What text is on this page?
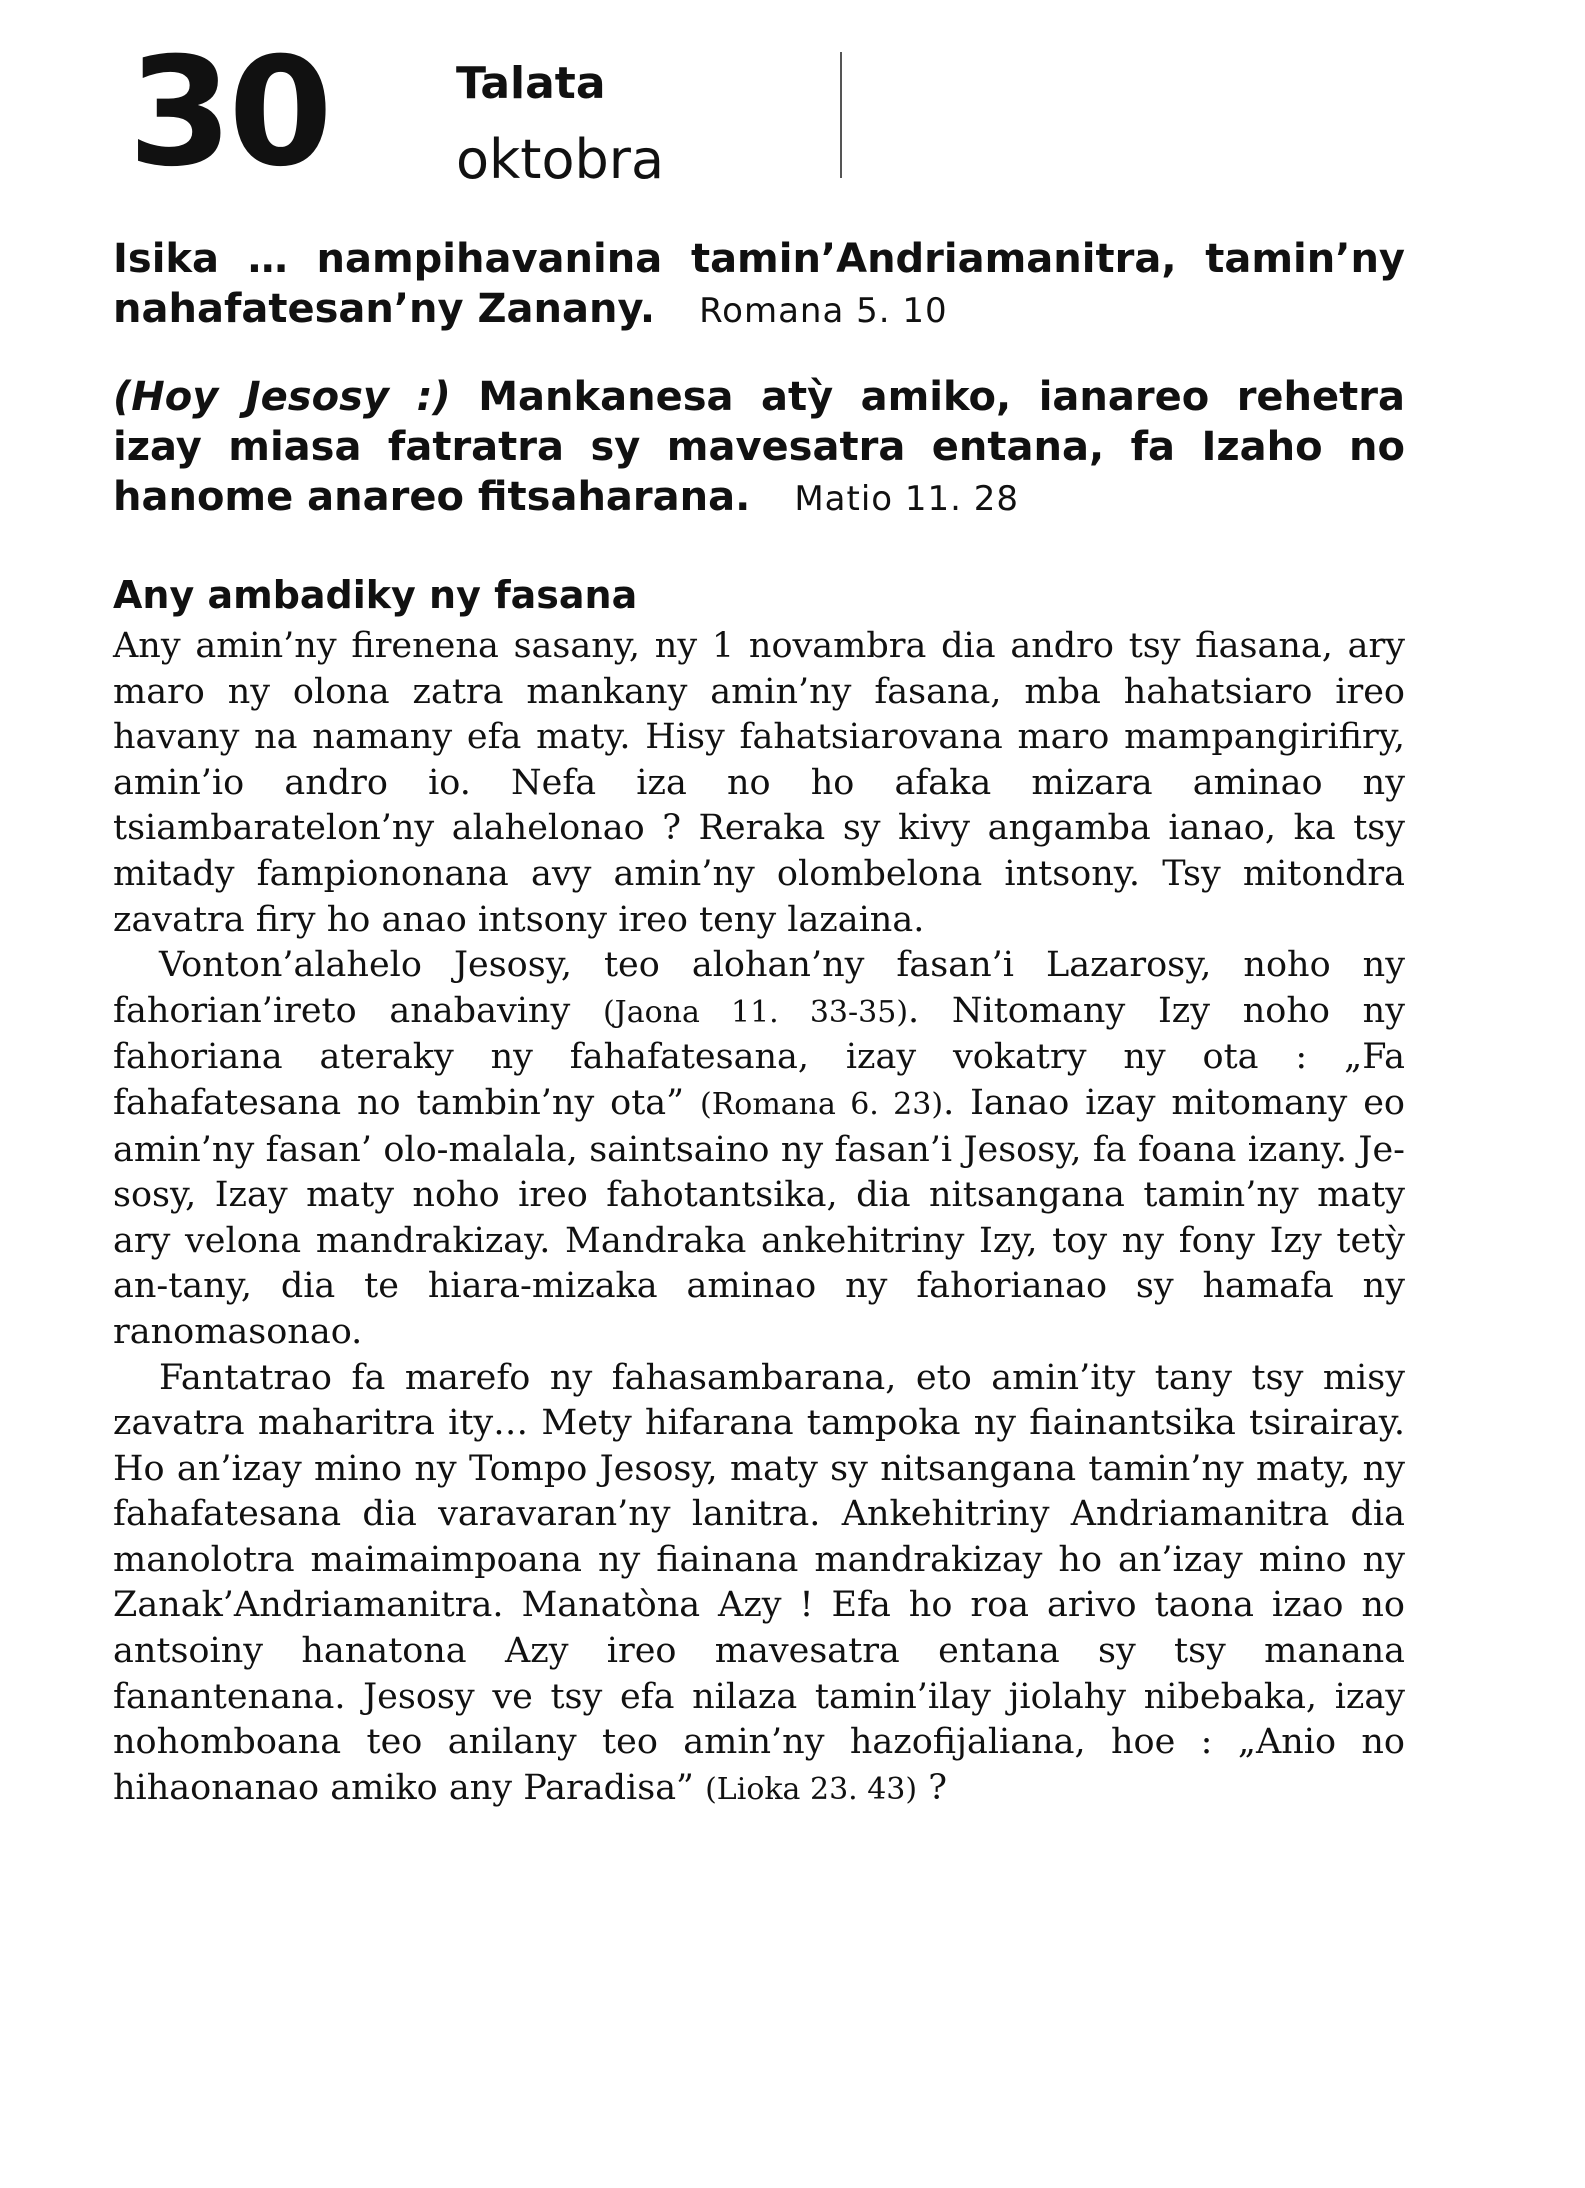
30	Talata
oktobra
Isika … nampihavanina tamin’Andriamanitra, tamin’ny nahafatesan’ny Zanany. Romana 5. 10
(Hoy Jesosy :) Mankanesa atỳ amiko, ianareo rehetra izay miasa fatratra sy mavesatra entana, fa Izaho no hanome anareo fitsaharana. Matio 11. 28
Any ambadiky ny fasana

Any amin’ny firenena sasany, ny 1 novambra dia andro tsy fiasana, ary maro ny olona zatra mankany amin’ny fasana, mba hahatsiaro ireo havany na namany efa maty. Hisy fahatsiarovana maro mampangirifiry, amin’io andro io. Nefa iza no ho afaka mizara aminao ny tsiambaratelon’ny alahelonao ? Reraka sy kivy angamba ianao, ka tsy mitady fampiononana avy amin’ny olombelona intsony. Tsy mitondra zavatra firy ho anao intsony ireo teny lazaina.

Vonton’alahelo Jesosy, teo alohan’ny fasan’i Lazarosy, noho ny fahorian’ireto anabaviny (Jaona 11. 33-35). Nitomany Izy noho ny fahoriana ateraky ny fahafatesana, izay vokatry ny ota : „Fa fahafatesana no tambin’ny ota” (Romana 6. 23). Ianao izay mitomany eo amin’ny fasan’ olo-malala, saintsaino ny fasan’i Jesosy, fa foana izany. Jesosy, Izay maty noho ireo fahotantsika, dia nitsangana tamin’ny maty ary velona mandrakizay. Mandraka ankehitriny Izy, toy ny fony Izy tetỳ an-tany, dia te hiara-mizaka aminao ny fahorianao sy hamafa ny ranomasonao.

Fantatrao fa marefo ny fahasambarana, eto amin’ity tany tsy misy zavatra maharitra ity… Mety hifarana tampoka ny fiainantsika tsirairay. Ho an’izay mino ny Tompo Jesosy, maty sy nitsangana tamin’ny maty, ny fahafatesana dia varavaran’ny lanitra. Ankehitriny Andriamanitra dia manolotra maimaimpoana ny fiainana mandrakizay ho an’izay mino ny Zanak’Andriamanitra. Manatòna Azy ! Efa ho roa arivo taona izao no antsoiny hanatona Azy ireo mavesatra entana sy tsy manana fanantenana. Jesosy ve tsy efa nilaza tamin’ilay jiolahy nibebaka, izay nohomboana teo anilany teo amin’ny hazofijaliana, hoe : „Anio no hihaonanao amiko any Paradisa” (Lioka 23. 43) ?
